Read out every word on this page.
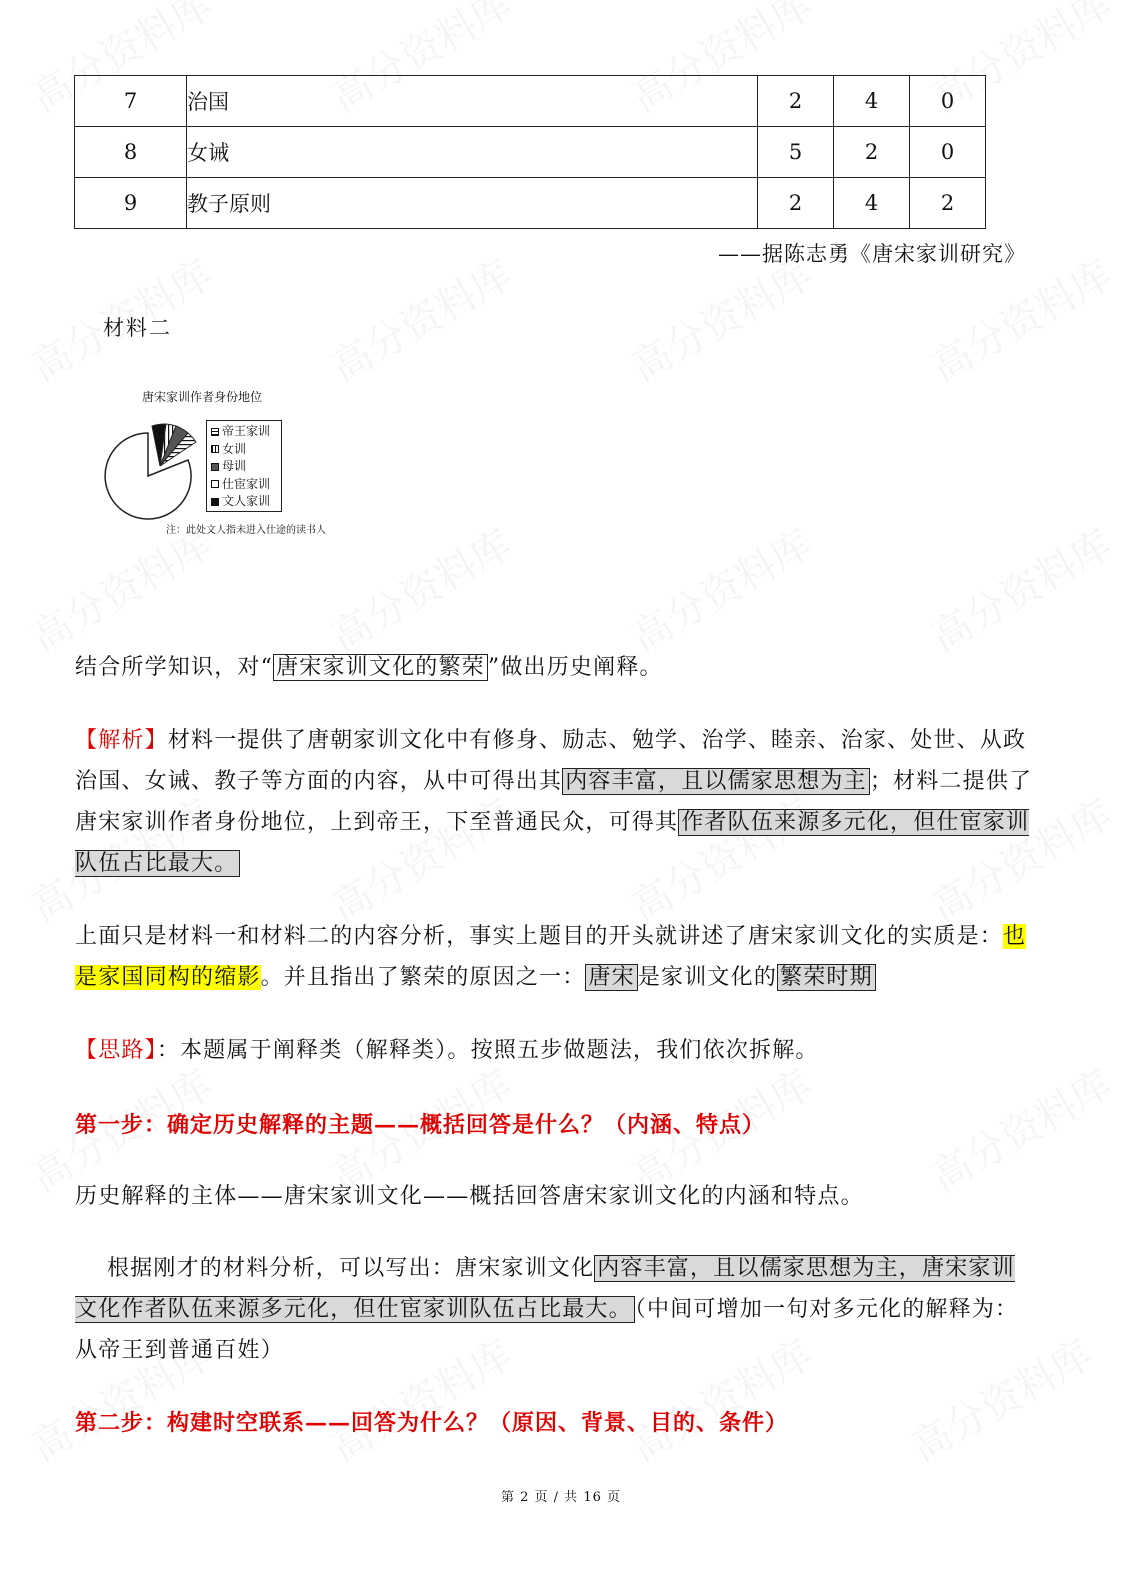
7	治国	2	4	0
8	女诫	5	2	0
9	教子原则	2	4	2
——据陈志勇《唐宋家训研究》
材料二
唐宋家训作者身份地位
帝王家训
女训
母训
仕宦家训
文人家训
注：此处文人指未进入仕途的读书人

结合所学知识，对“ 唐宋家训文化的繁荣 ”做出历史阐释。

【解析】材料一提供了唐朝家训文化中有修身、励志、勉学、治学、睦亲、治家、处世、从政治国、女诫、教子等方面的内容，从中可得出其 内容丰富，且以儒家思想为主 ；材料二提供了唐宋家训作者身份地位，上到帝王，下至普通民众，可得其 作者队伍来源多元化，但仕宦家训队伍占比最大。

上面只是材料一和材料二的内容分析，事实上题目的开头就讲述了唐宋家训文化的实质是：也是家国同构的缩影。并且指出了繁荣的原因之一： 唐宋 是家训文化的 繁荣时期

【思路】：本题属于阐释类（解释类）。按照五步做题法，我们依次拆解。

第一步：确定历史解释的主题——概括回答是什么？（内涵、特点）

历史解释的主体——唐宋家训文化——概括回答唐宋家训文化的内涵和特点。

根据刚才的材料分析，可以写出：唐宋家训文化 内容丰富，且以儒家思想为主，唐宋家训文化作者队伍来源多元化，但仕宦家训队伍占比最大。 （中间可增加一句对多元化的解释为：从帝王到普通百姓）

第二步：构建时空联系——回答为什么？（原因、背景、目的、条件）
第 2 页 / 共 16 页
